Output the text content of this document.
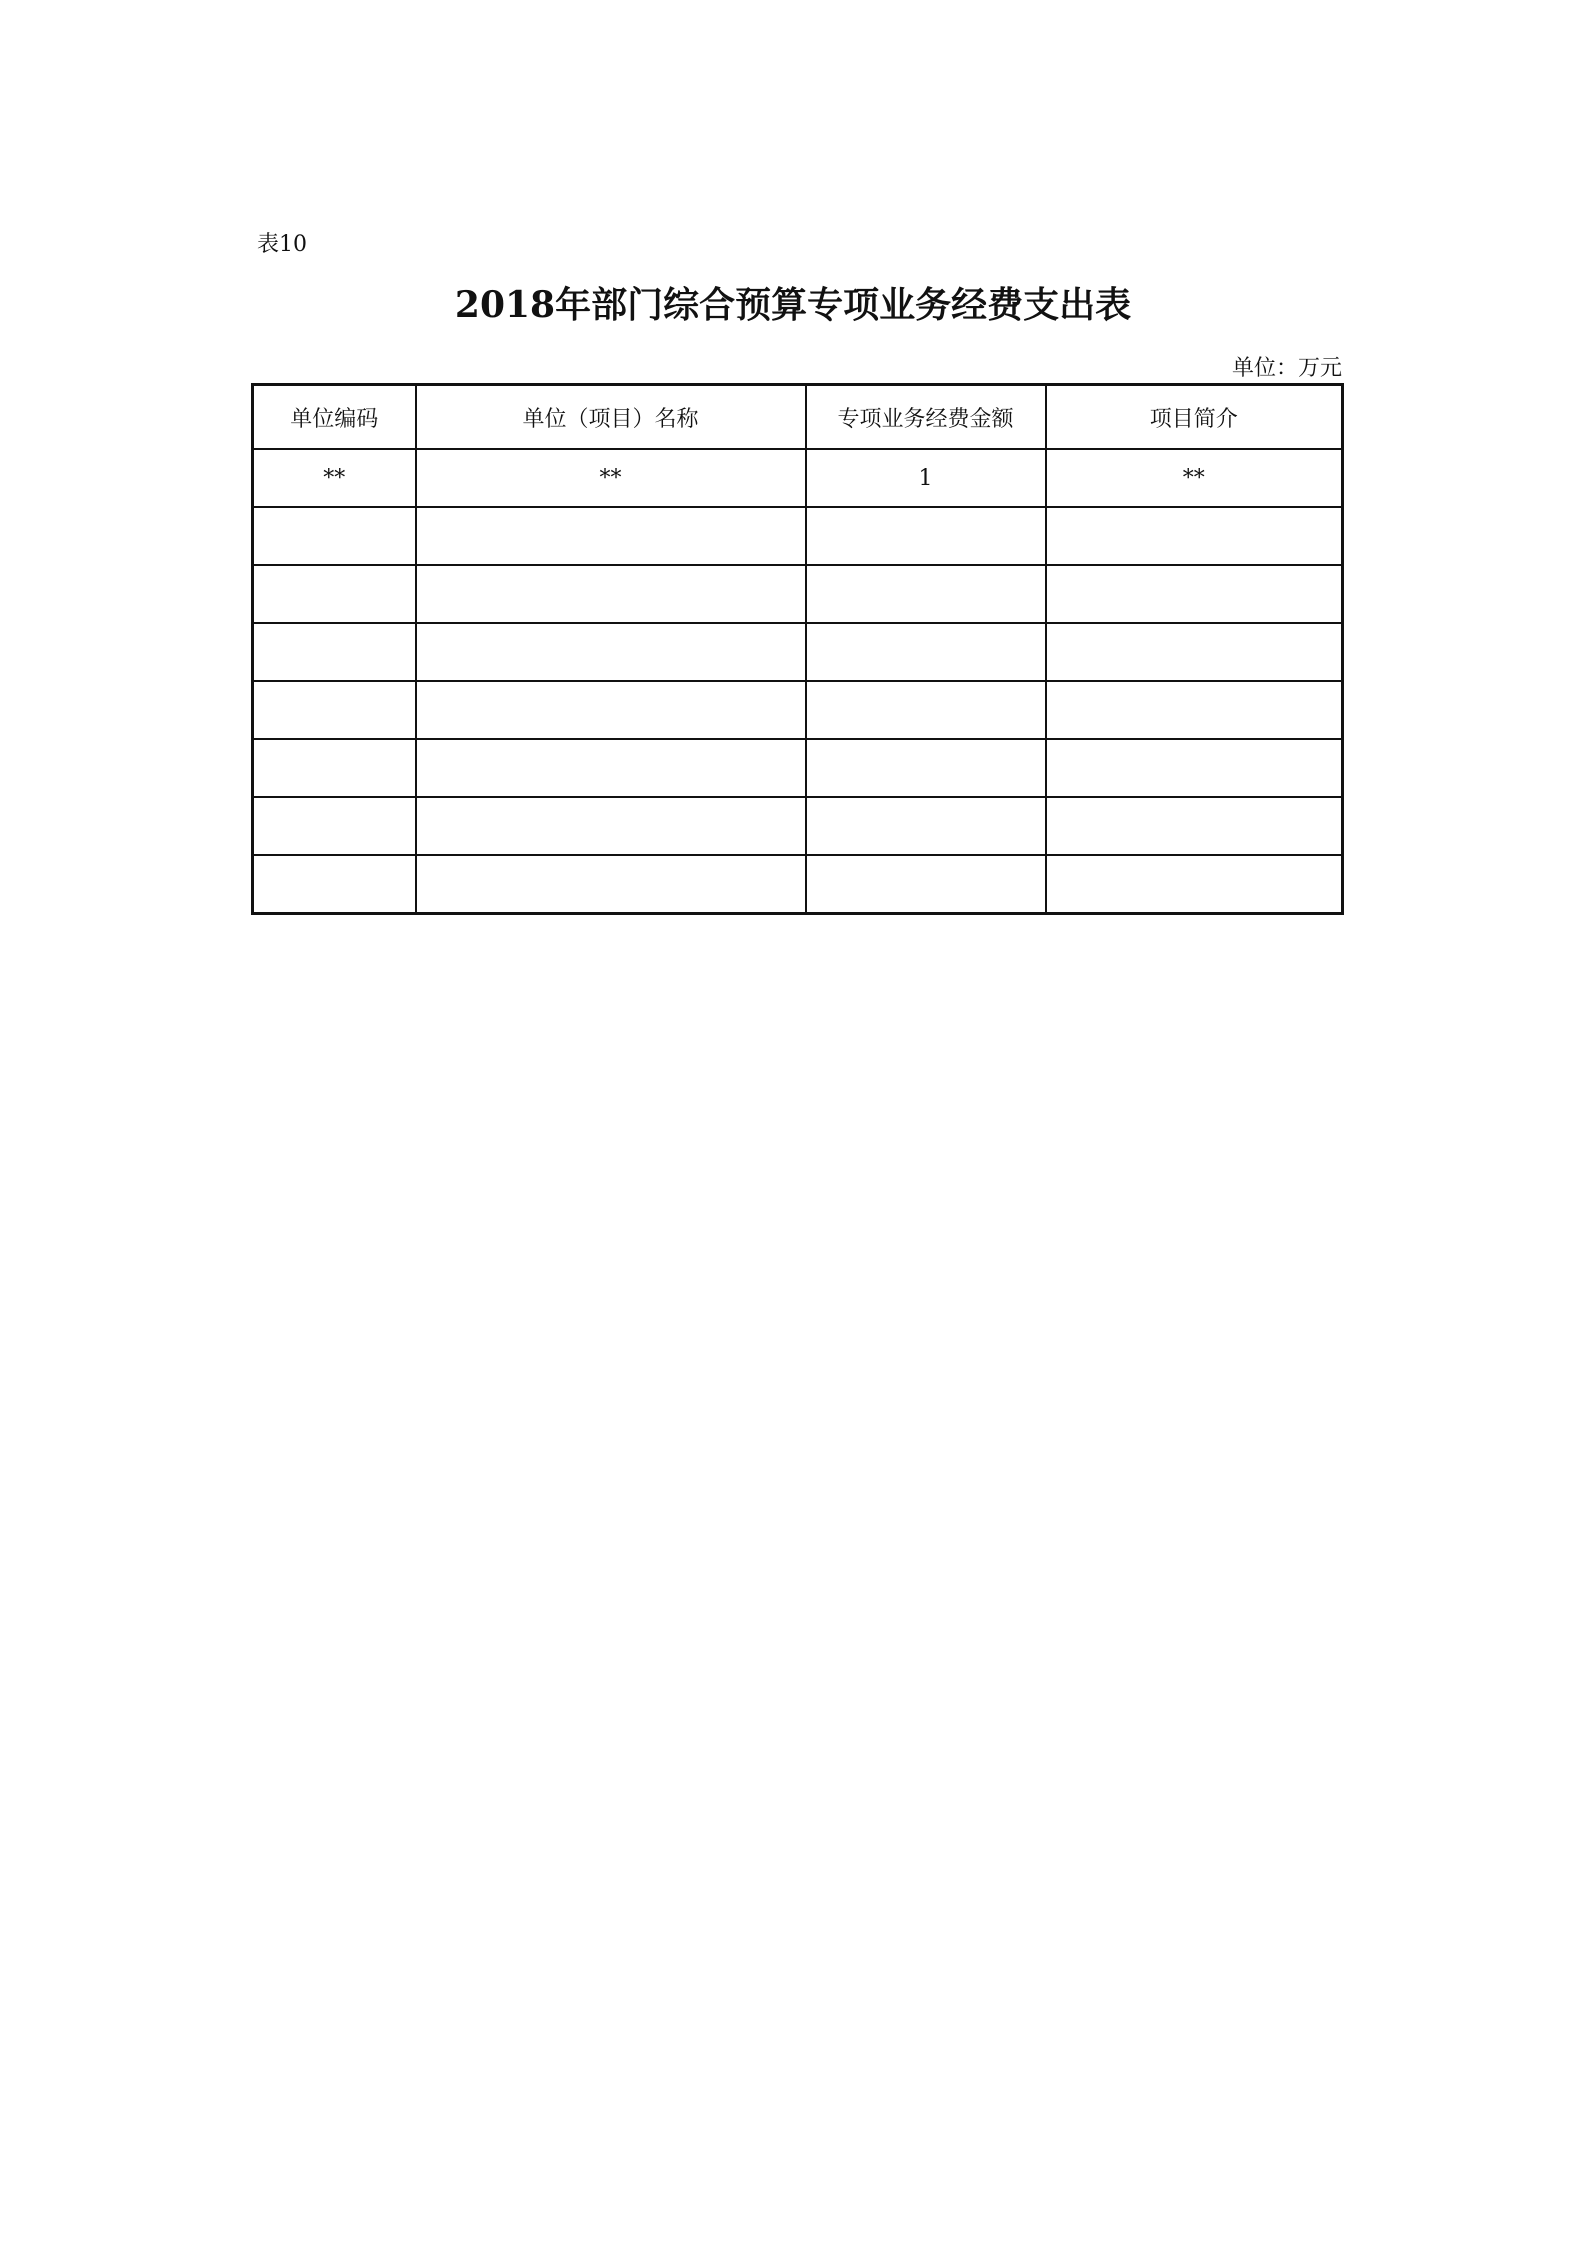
表10
2018年部门综合预算专项业务经费支出表
单位：万元
单位编码	单位（项目）名称	专项业务经费金额	项目简介
**	**	1	**
